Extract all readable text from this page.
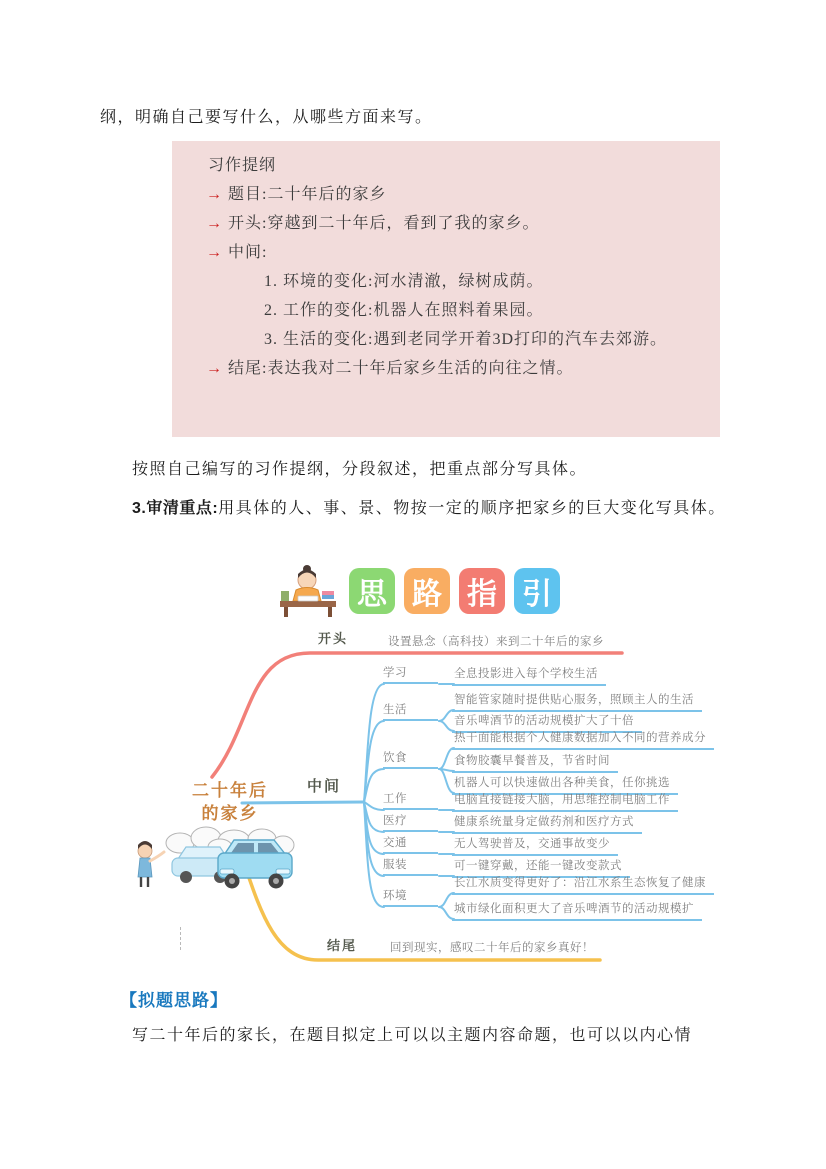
纲，明确自己要写什么，从哪些方面来写。
习作提纲
→ 题目:二十年后的家乡
→ 开头:穿越到二十年后，看到了我的家乡。
→ 中间:
1. 环境的变化:河水清澈，绿树成荫。
2. 工作的变化:机器人在照料着果园。
3. 生活的变化:遇到老同学开着3D打印的汽车去郊游。
→ 结尾:表达我对二十年后家乡生活的向往之情。
按照自己编写的习作提纲，分段叙述，把重点部分写具体。
3.审清重点:用具体的人、事、景、物按一定的顺序把家乡的巨大变化写具体。
思 路 指 引
二十年后
的家乡
开头	设置悬念（高科技）来到二十年后的家乡
中间
学习
生活
饮食
工作
医疗
交通
服装
环境
全息投影进入每个学校生活
智能管家随时提供贴心服务，照顾主人的生活
音乐啤酒节的活动规模扩大了十倍
热干面能根据个人健康数据加入不同的营养成分
食物胶囊早餐普及，节省时间
机器人可以快速做出各种美食，任你挑选
电脑直接链接大脑，用思维控制电脑工作
健康系统量身定做药剂和医疗方式
无人驾驶普及，交通事故变少
可一键穿戴，还能一键改变款式
长江水质变得更好了：沿江水系生态恢复了健康
城市绿化面积更大了音乐啤酒节的活动规模扩
结尾	回到现实，感叹二十年后的家乡真好！
【拟题思路】
写二十年后的家长，在题目拟定上可以以主题内容命题，也可以以内心情
